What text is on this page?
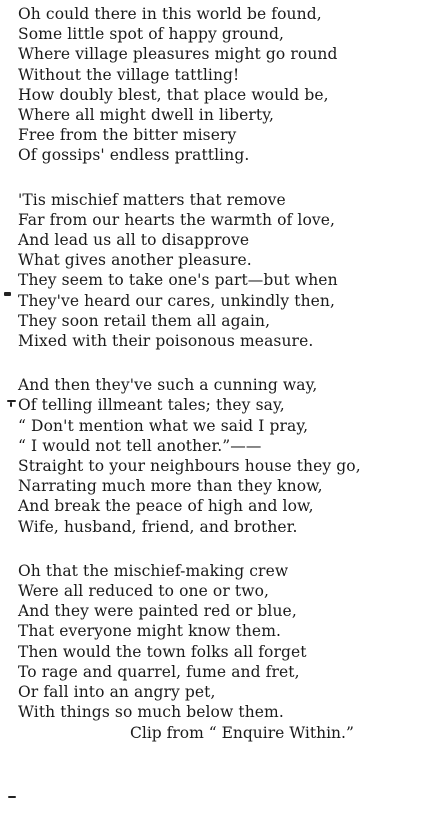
Oh could there in this world be found,
Some little spot of happy ground,
Where village pleasures might go round
Without the village tattling!
How doubly blest, that place would be,
Where all might dwell in liberty,
Free from the bitter misery
Of gossips' endless prattling.
'Tis mischief matters that remove
Far from our hearts the warmth of love,
And lead us all to disapprove
What gives another pleasure.
They seem to take one's part—but when
They've heard our cares, unkindly then,
They soon retail them all again,
Mixed with their poisonous measure.
And then they've such a cunning way,
Of telling illmeant tales; they say,
“ Don't mention what we said I pray,
“ I would not tell another.”——
Straight to your neighbours house they go,
Narrating much more than they know,
And break the peace of high and low,
Wife, husband, friend, and brother.
Oh that the mischief-making crew
Were all reduced to one or two,
And they were painted red or blue,
That everyone might know them.
Then would the town folks all forget
To rage and quarrel, fume and fret,
Or fall into an angry pet,
With things so much below them.
Clip from “ Enquire Within.”
